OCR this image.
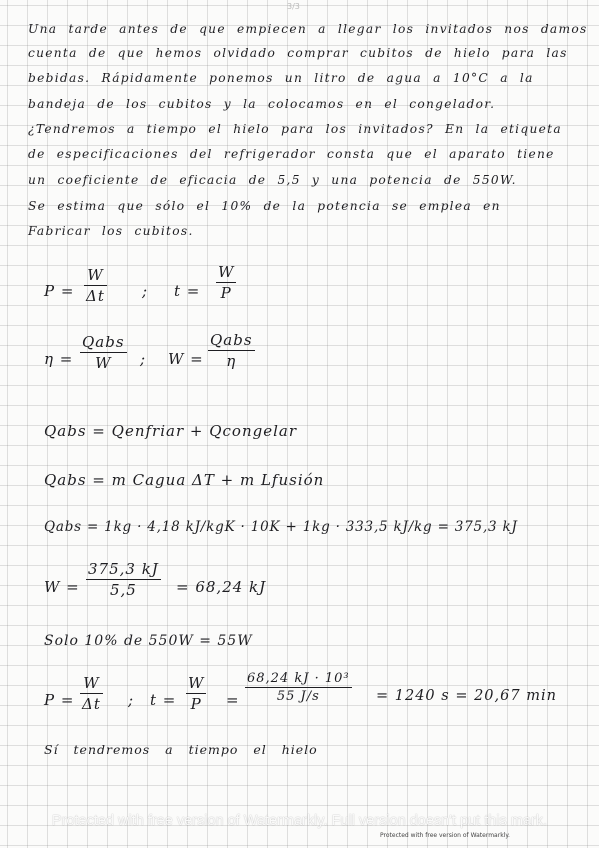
3/3
Una tarde antes de que empiecen a llegar los invitados nos damos
cuenta de que hemos olvidado comprar cubitos de hielo para las
bebidas. Rápidamente ponemos un litro de agua a 10°C a la
bandeja de los cubitos y la colocamos en el congelador.
¿Tendremos a tiempo el hielo para los invitados? En la etiqueta
de especificaciones del refrigerador consta que el aparato tiene
un coeficiente de eficacia de 5,5 y una potencia de 550W.
Se estima que sólo el 10% de la potencia se emplea en
Fabricar los cubitos.
P =
W
Δt ; t =
W
P
η =
Qabs
W	; W =
Qabs
η
Qabs = Qenfriar + Qcongelar
Qabs = m Cagua ΔT + m Lfusión
Qabs = 1kg · 4,18 kJ/kgK · 10K + 1kg · 333,5 kJ/kg = 375,3 kJ
W =
375,3 kJ
5,5	= 68,24 kJ
Solo 10% de 550W = 55W
P =
W
Δt ; t =
W
P	=
68,24 kJ · 10³
55 J/s	= 1240 s = 20,67 min
Sí tendremos a tiempo el hielo
Protected with free version of Watermarkly. Full version doesn't put this mark.
Protected with free version of Watermarkly.
